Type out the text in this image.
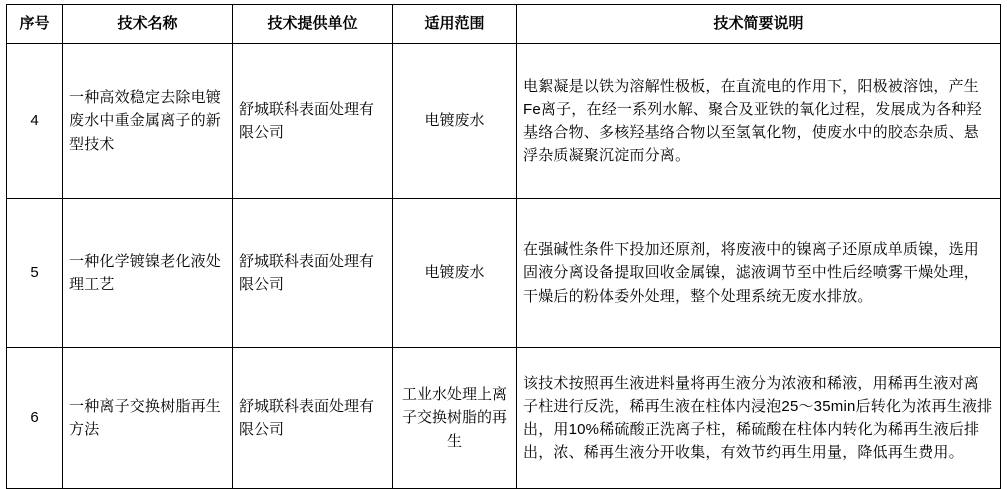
序号	技术名称	技术提供单位	适用范围	技术简要说明
4	一种高效稳定去除电镀废水中重金属离子的新型技术	舒城联科表面处理有限公司	电镀废水	电絮凝是以铁为溶解性极板，在直流电的作用下，阳极被溶蚀，产生Fe离子，在经一系列水解、聚合及亚铁的氧化过程，发展成为各种羟基络合物、多核羟基络合物以至氢氧化物，使废水中的胶态杂质、悬浮杂质凝聚沉淀而分离。
5	一种化学镀镍老化液处理工艺	舒城联科表面处理有限公司	电镀废水	在强碱性条件下投加还原剂，将废液中的镍离子还原成单质镍，选用固液分离设备提取回收金属镍，滤液调节至中性后经喷雾干燥处理，干燥后的粉体委外处理，整个处理系统无废水排放。
6	一种离子交换树脂再生方法	舒城联科表面处理有限公司	工业水处理上离子交换树脂的再生	该技术按照再生液进料量将再生液分为浓液和稀液，用稀再生液对离子柱进行反洗，稀再生液在柱体内浸泡25～35min后转化为浓再生液排出，用10%稀硫酸正洗离子柱，稀硫酸在柱体内转化为稀再生液后排出，浓、稀再生液分开收集，有效节约再生用量，降低再生费用。
